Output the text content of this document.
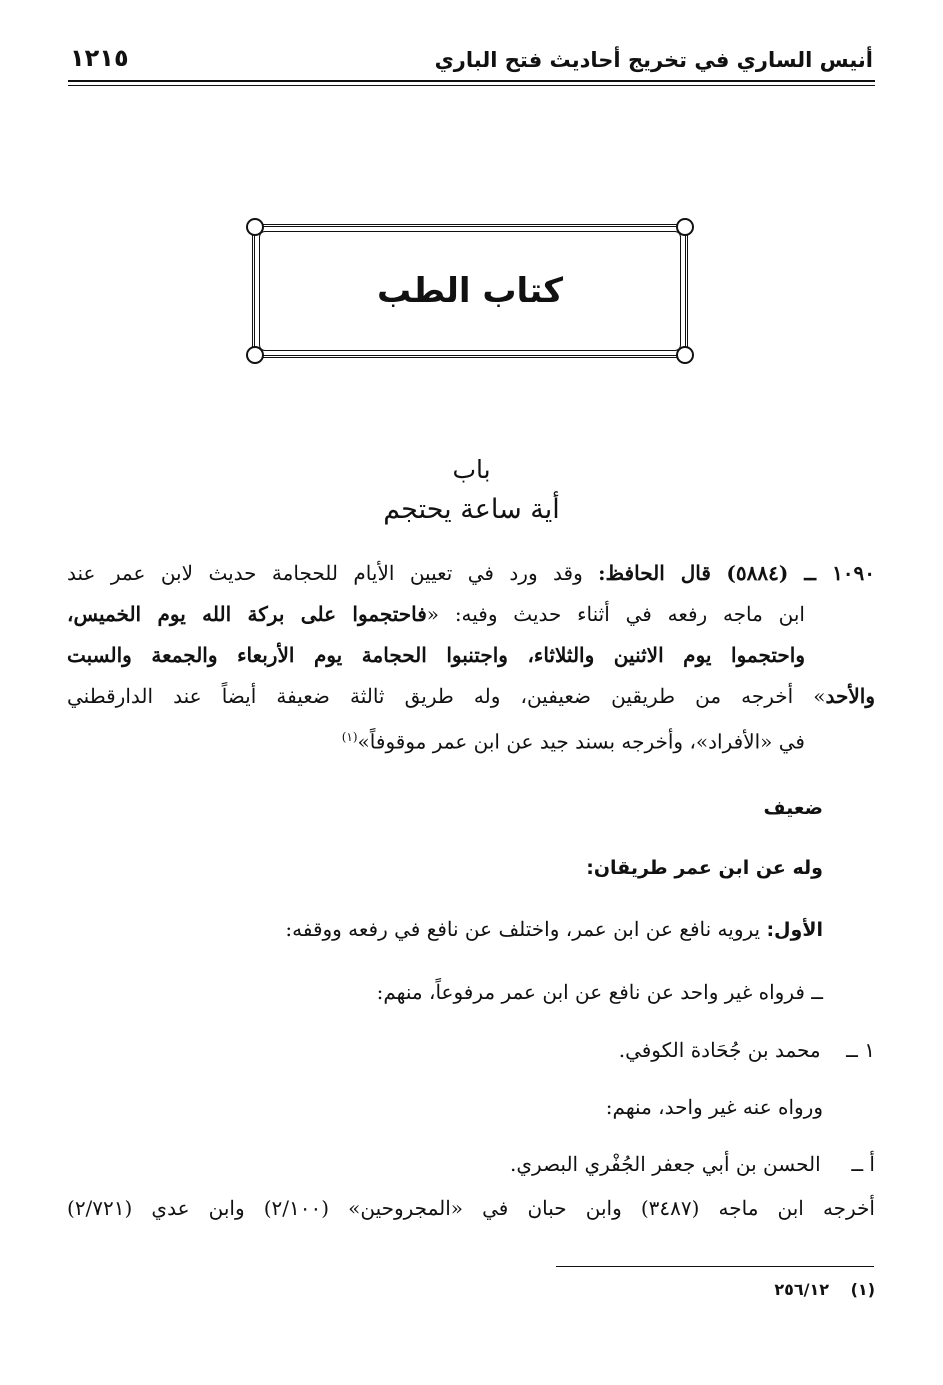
أنيس الساري في تخريج أحاديث فتح الباري
١٢١٥
كتاب الطب
باب
أية ساعة يحتجم
١٠٩٠ ــ (٥٨٨٤) قال الحافظ: وقد ورد في تعيين الأيام للحجامة حديث لابن عمر عند
ابن ماجه رفعه في أثناء حديث وفيه: «فاحتجموا على بركة الله يوم الخميس،
واحتجموا يوم الاثنين والثلاثاء، واجتنبوا الحجامة يوم الأربعاء والجمعة والسبت
والأحد» أخرجه من طريقين ضعيفين، وله طريق ثالثة ضعيفة أيضاً عند الدارقطني
في «الأفراد»، وأخرجه بسند جيد عن ابن عمر موقوفاً»$^{(١)}$
ضعيف
وله عن ابن عمر طريقان:
الأول: يرويه نافع عن ابن عمر، واختلف عن نافع في رفعه ووقفه:
ــ فرواه غير واحد عن نافع عن ابن عمر مرفوعاً، منهم:
١ ــ محمد بن جُحَادة الكوفي.
ورواه عنه غير واحد، منهم:
أ ــ الحسن بن أبي جعفر الجُفْري البصري.
أخرجه ابن ماجه (٣٤٨٧) وابن حبان في «المجروحين» (٢/١٠٠) وابن عدي (٢/٧٢١)
(١) ٢٥٦/١٢
